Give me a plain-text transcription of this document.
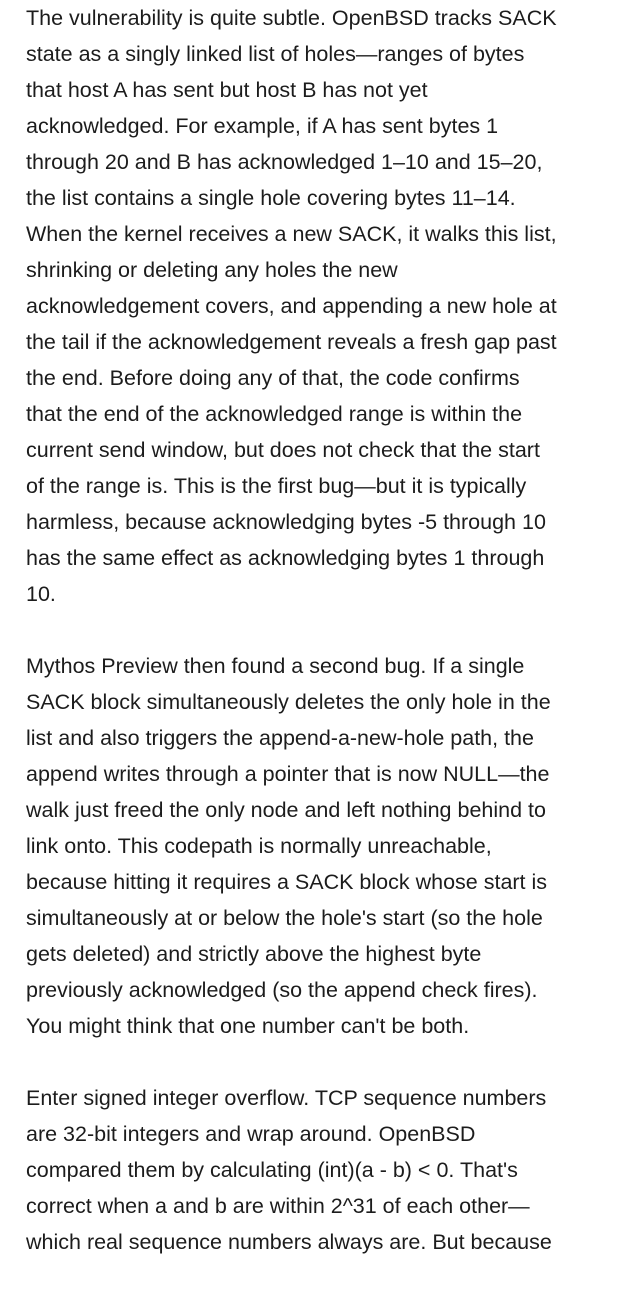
The vulnerability is quite subtle. OpenBSD tracks SACK
state as a singly linked list of holes—ranges of bytes
that host A has sent but host B has not yet
acknowledged. For example, if A has sent bytes 1
through 20 and B has acknowledged 1–10 and 15–20,
the list contains a single hole covering bytes 11–14.
When the kernel receives a new SACK, it walks this list,
shrinking or deleting any holes the new
acknowledgement covers, and appending a new hole at
the tail if the acknowledgement reveals a fresh gap past
the end. Before doing any of that, the code confirms
that the end of the acknowledged range is within the
current send window, but does not check that the start
of the range is. This is the first bug—but it is typically
harmless, because acknowledging bytes -5 through 10
has the same effect as acknowledging bytes 1 through
10.

Mythos Preview then found a second bug. If a single
SACK block simultaneously deletes the only hole in the
list and also triggers the append-a-new-hole path, the
append writes through a pointer that is now NULL—the
walk just freed the only node and left nothing behind to
link onto. This codepath is normally unreachable,
because hitting it requires a SACK block whose start is
simultaneously at or below the hole's start (so the hole
gets deleted) and strictly above the highest byte
previously acknowledged (so the append check fires).
You might think that one number can't be both.

Enter signed integer overflow. TCP sequence numbers
are 32-bit integers and wrap around. OpenBSD
compared them by calculating (int)(a - b) < 0. That's
correct when a and b are within 2^31 of each other—
which real sequence numbers always are. But because
